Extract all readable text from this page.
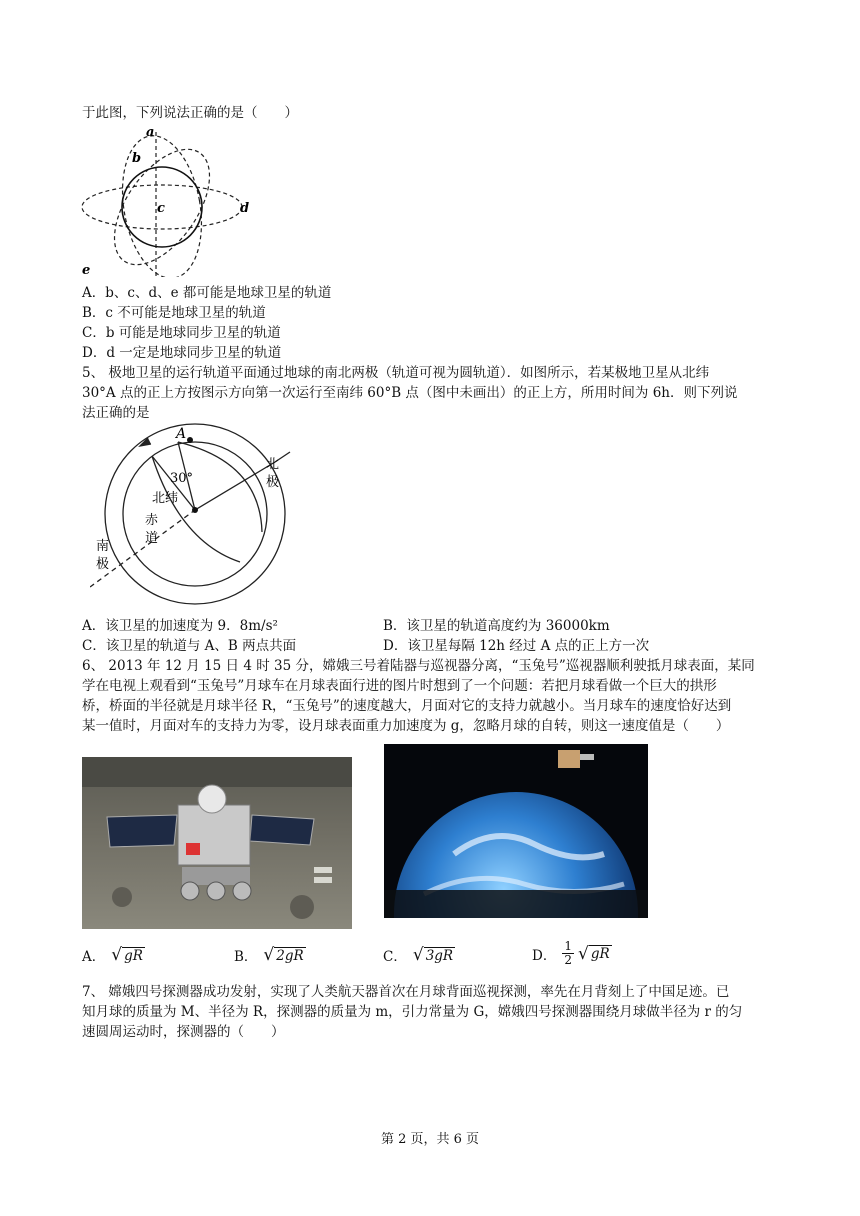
于此图，下列说法正确的是（　　）
a
b
c	d
e
A．b、c、d、e 都可能是地球卫星的轨道
B．c 不可能是地球卫星的轨道
C．b 可能是地球同步卫星的轨道
D．d 一定是地球同步卫星的轨道
5、 极地卫星的运行轨道平面通过地球的南北两极（轨道可视为圆轨道）．如图所示，若某极地卫星从北纬
30°A 点的正上方按图示方向第一次运行至南纬 60°B 点（图中未画出）的正上方，所用时间为 6h．则下列说
法正确的是
A
30°
北纬
赤
道
北
极
南
极
A．该卫星的加速度为 9．8m/s²	B．该卫星的轨道高度约为 36000km
C．该卫星的轨道与 A、B 两点共面	D．该卫星每隔 12h 经过 A 点的正上方一次
6、 2013 年 12 月 15 日 4 时 35 分，嫦娥三号着陆器与巡视器分离，“玉兔号”巡视器顺利驶抵月球表面，某同
学在电视上观看到“玉兔号”月球车在月球表面行进的图片时想到了一个问题：若把月球看做一个巨大的拱形
桥，桥面的半径就是月球半径 R，“玉兔号”的速度越大，月面对它的支持力就越小。当月球车的速度恰好达到
某一值时，月面对车的支持力为零，设月球表面重力加速度为 g，忽略月球的自转，则这一速度值是（　　）
A． √ gR	B． √ 2gR	C． √ 3gR	D． $\frac{1}{2}$ √ gR
7、 嫦娥四号探测器成功发射，实现了人类航天器首次在月球背面巡视探测，率先在月背刻上了中国足迹。已
知月球的质量为 M、半径为 R，探测器的质量为 m，引力常量为 G，嫦娥四号探测器围绕月球做半径为 r 的匀
速圆周运动时，探测器的（　　）
第 2 页，共 6 页
